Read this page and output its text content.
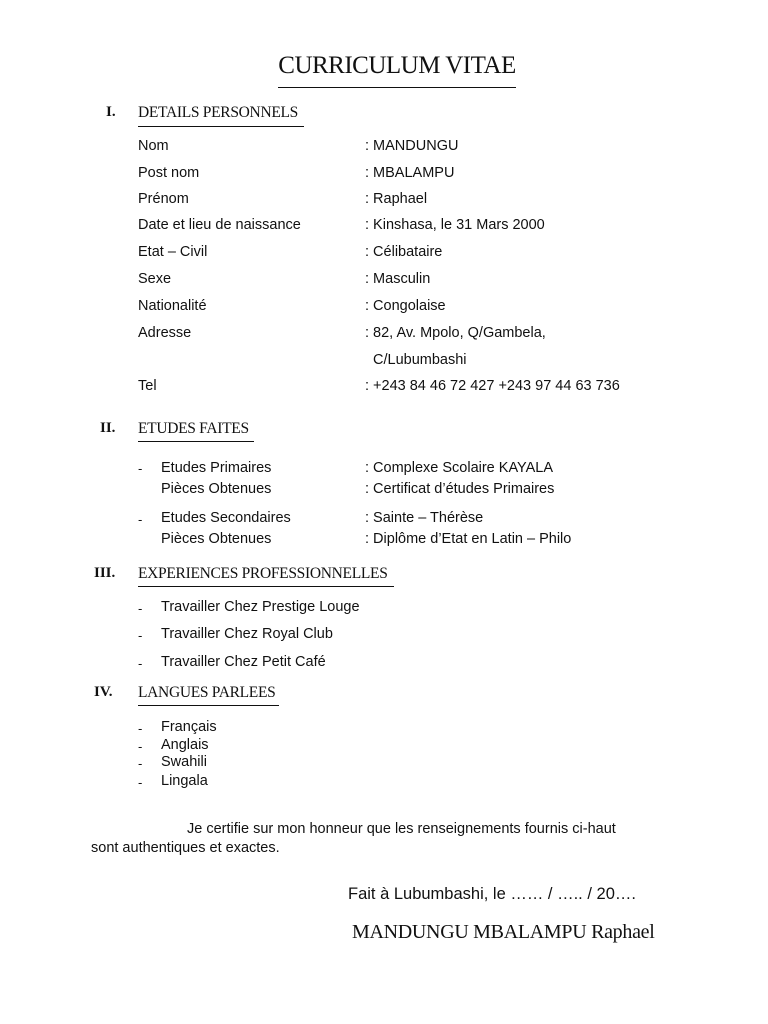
CURRICULUM VITAE
I. DETAILS PERSONNELS
Nom	: MANDUNGU
Post nom	: MBALAMPU
Prénom	: Raphael
Date et lieu de naissance	: Kinshasa, le 31 Mars 2000
Etat – Civil	: Célibataire
Sexe	: Masculin
Nationalité	: Congolaise
Adresse	: 82, Av. Mpolo, Q/Gambela,
C/Lubumbashi
Tel	: +243 84 46 72 427 +243 97 44 63 736
II. ETUDES FAITES
- Etudes Primaires	: Complexe Scolaire KAYALA
Pièces Obtenues	: Certificat d’études Primaires
- Etudes Secondaires	: Sainte – Thérèse
Pièces Obtenues	: Diplôme d’Etat en Latin – Philo
III. EXPERIENCES PROFESSIONNELLES
- Travailler Chez Prestige Louge
- Travailler Chez Royal Club
- Travailler Chez Petit Café
IV. LANGUES PARLEES
- Français
- Anglais
- Swahili
- Lingala
Je certifie sur mon honneur que les renseignements fournis ci-haut
sont authentiques et exactes.
Fait à Lubumbashi, le …… / ….. / 20….
MANDUNGU MBALAMPU Raphael
